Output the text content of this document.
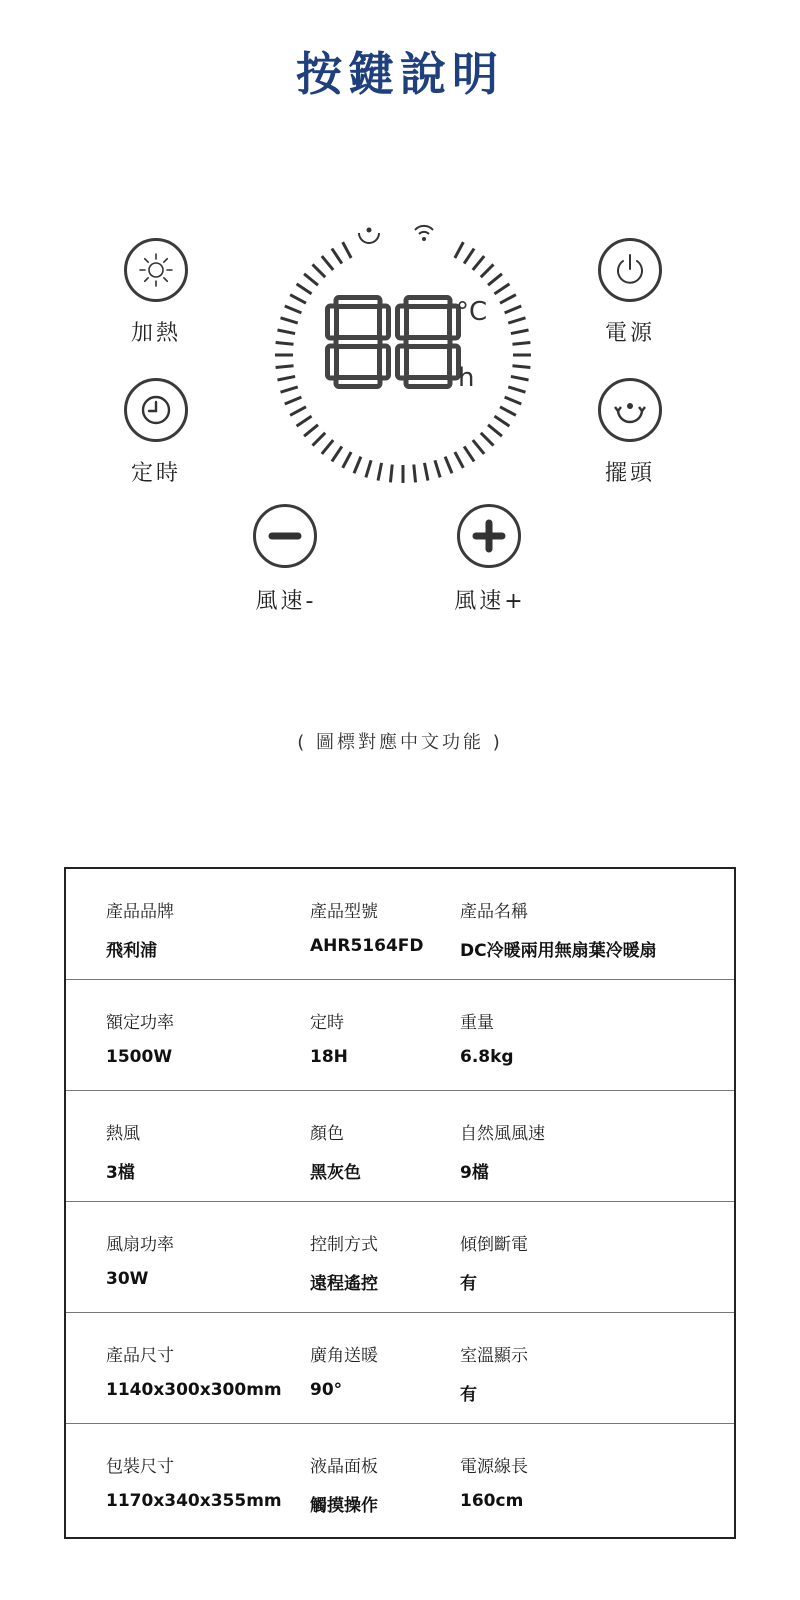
按鍵說明
加熱
定時
電源
擺頭
°C
h
風速-	風速+
( 圖標對應中文功能 )
產品品牌
飛利浦
產品型號
AHR5164FD
產品名稱
DC冷暖兩用無扇葉冷暖扇
額定功率
1500W
定時
18H
重量
6.8kg
熱風
3檔
顏色
黑灰色
自然風風速
9檔
風扇功率
30W
控制方式
遠程遙控
傾倒斷電
有
產品尺寸
1140x300x300mm
廣角送暖
90°
室溫顯示
有
包裝尺寸
1170x340x355mm
液晶面板
觸摸操作
電源線長
160cm
